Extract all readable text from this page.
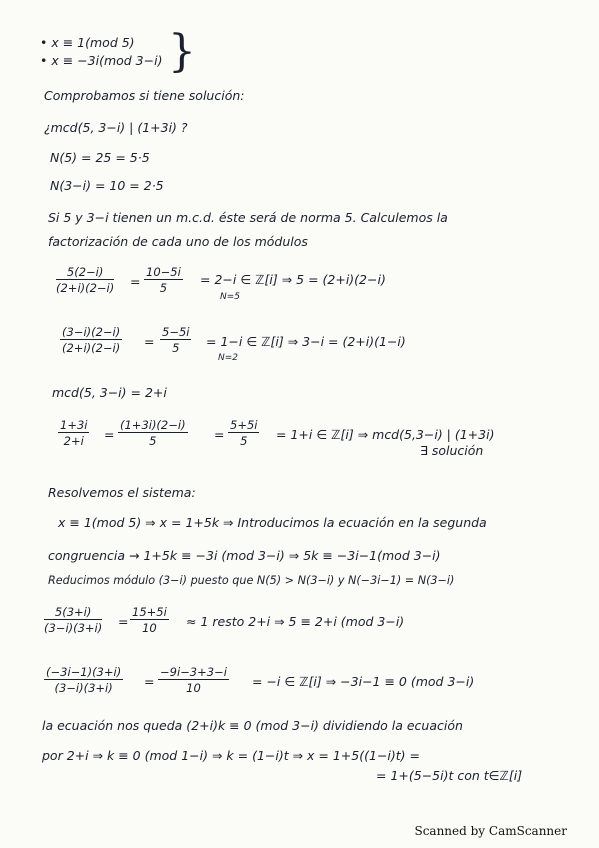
• x ≡ 1(mod 5)
• x ≡ −3i(mod 3−i) }
Comprobamos si tiene solución:
¿mcd(5, 3−i) | (1+3i) ?
N(5) = 25 = 5·5
N(3−i) = 10 = 2·5
Si 5 y 3−i tienen un m.c.d. éste será de norma 5. Calculemos la
factorización de cada uno de los módulos
$\frac{5(2-i)}{(2+i)(2-i)} = \frac{10-5i}{5} = 2-i$ ∈ ℤ[i] ⇒ 5 = (2+i)(2−i)
N=5
$\frac{(3-i)(2-i)}{(2+i)(2-i)} = \frac{5-5i}{5} = 1-i$ ∈ ℤ[i] ⇒ 3−i = (2+i)(1−i)
N=2
mcd(5, 3−i) = 2+i
$\frac{1+3i}{2+i} = \frac{(1+3i)(2-i)}{5} = \frac{5+5i}{5} = 1+i$ ∈ ℤ[i] ⇒ mcd(5,3−i) | (1+3i)
∃ solución
Resolvemos el sistema:
x ≡ 1(mod 5) ⇒ x = 1+5k ⇒ Introducimos la ecuación en la segunda
congruencia → 1+5k ≡ −3i (mod 3−i) ⇒ 5k ≡ −3i−1(mod 3−i)
Reducimos módulo (3−i) puesto que N(5) > N(3−i) y N(−3i−1) = N(3−i)
$\frac{5(3+i)}{(3-i)(3+i)} = \frac{15+5i}{10} \approx 1$ resto 2+i ⇒ 5 ≡ 2+i (mod 3−i)
$\frac{(-3i-1)(3+i)}{(3-i)(3+i)} = \frac{-9i-3+3-i}{10} = -i$ ∈ ℤ[i] ⇒ −3i−1 ≡ 0 (mod 3−i)
la ecuación nos queda (2+i)k ≡ 0 (mod 3−i) dividiendo la ecuación
por 2+i ⇒ k ≡ 0 (mod 1−i) ⇒ k = (1−i)t ⇒ x = 1+5((1−i)t) =
= 1+(5−5i)t con t∈ℤ[i]
Scanned by CamScanner
